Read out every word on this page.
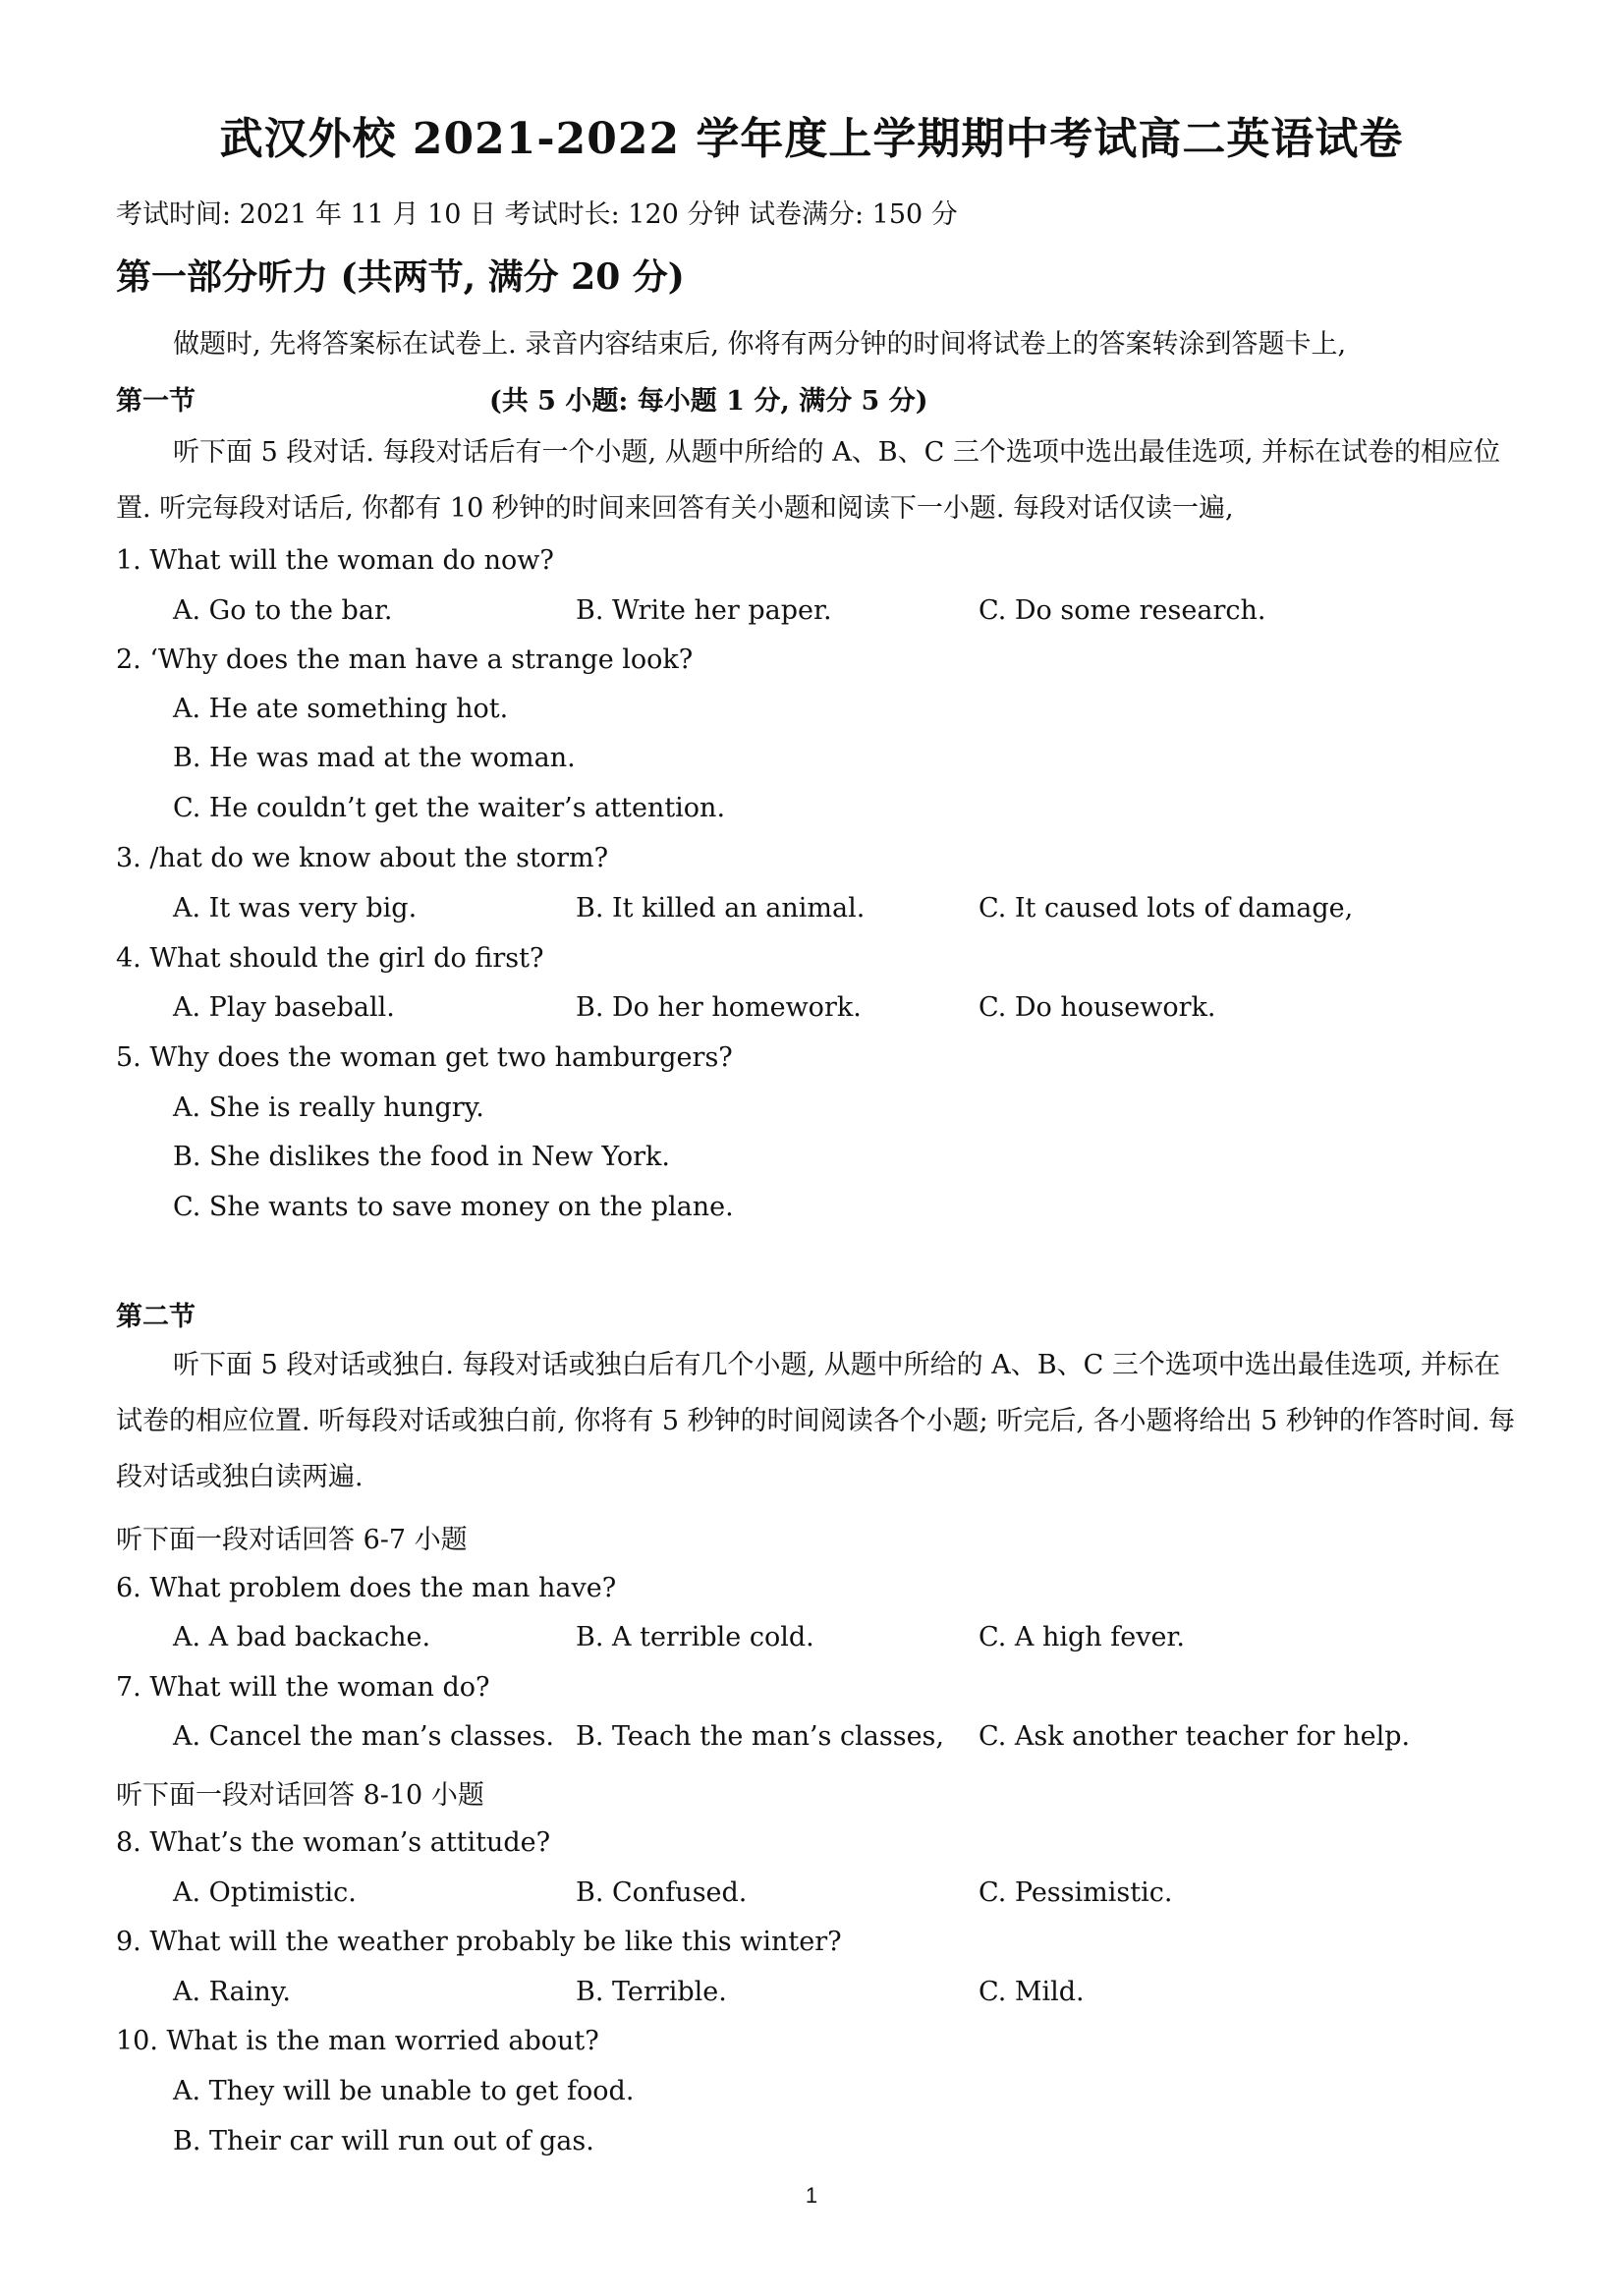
武汉外校 2021-2022 学年度上学期期中考试高二英语试卷
考试时间: 2021 年 11 月 10 日 考试时长: 120 分钟 试卷满分: 150 分
第一部分听力 (共两节, 满分 20 分)
做题时, 先将答案标在试卷上. 录音内容结束后, 你将有两分钟的时间将试卷上的答案转涂到答题卡上,
第一节	(共 5 小题: 每小题 1 分, 满分 5 分)
听下面 5 段对话. 每段对话后有一个小题, 从题中所给的 A、B、C 三个选项中选出最佳选项, 并标在试卷的相应位置. 听完每段对话后, 你都有 10 秒钟的时间来回答有关小题和阅读下一小题. 每段对话仅读一遍,
1. What will the woman do now?
A. Go to the bar.	B. Write her paper.	C. Do some research.
2. ‘Why does the man have a strange look?
A. He ate something hot.
B. He was mad at the woman.
C. He couldn’t get the waiter’s attention.
3. /hat do we know about the storm?
A. It was very big.	B. It killed an animal.	C. It caused lots of damage,
4. What should the girl do first?
A. Play baseball.	B. Do her homework.	C. Do housework.
5. Why does the woman get two hamburgers?
A. She is really hungry.
B. She dislikes the food in New York.
C. She wants to save money on the plane.
第二节
听下面 5 段对话或独白. 每段对话或独白后有几个小题, 从题中所给的 A、B、C 三个选项中选出最佳选项, 并标在试卷的相应位置. 听每段对话或独白前, 你将有 5 秒钟的时间阅读各个小题; 听完后, 各小题将给出 5 秒钟的作答时间. 每段对话或独白读两遍.
听下面一段对话回答 6-7 小题
6. What problem does the man have?
A. A bad backache.	B. A terrible cold.	C. A high fever.
7. What will the woman do?
A. Cancel the man’s classes. B. Teach the man’s classes, C. Ask another teacher for help.
听下面一段对话回答 8-10 小题
8. What’s the woman’s attitude?
A. Optimistic.	B. Confused.	C. Pessimistic.
9. What will the weather probably be like this winter?
A. Rainy.	B. Terrible.	C. Mild.
10. What is the man worried about?
A. They will be unable to get food.
B. Their car will run out of gas.
1
